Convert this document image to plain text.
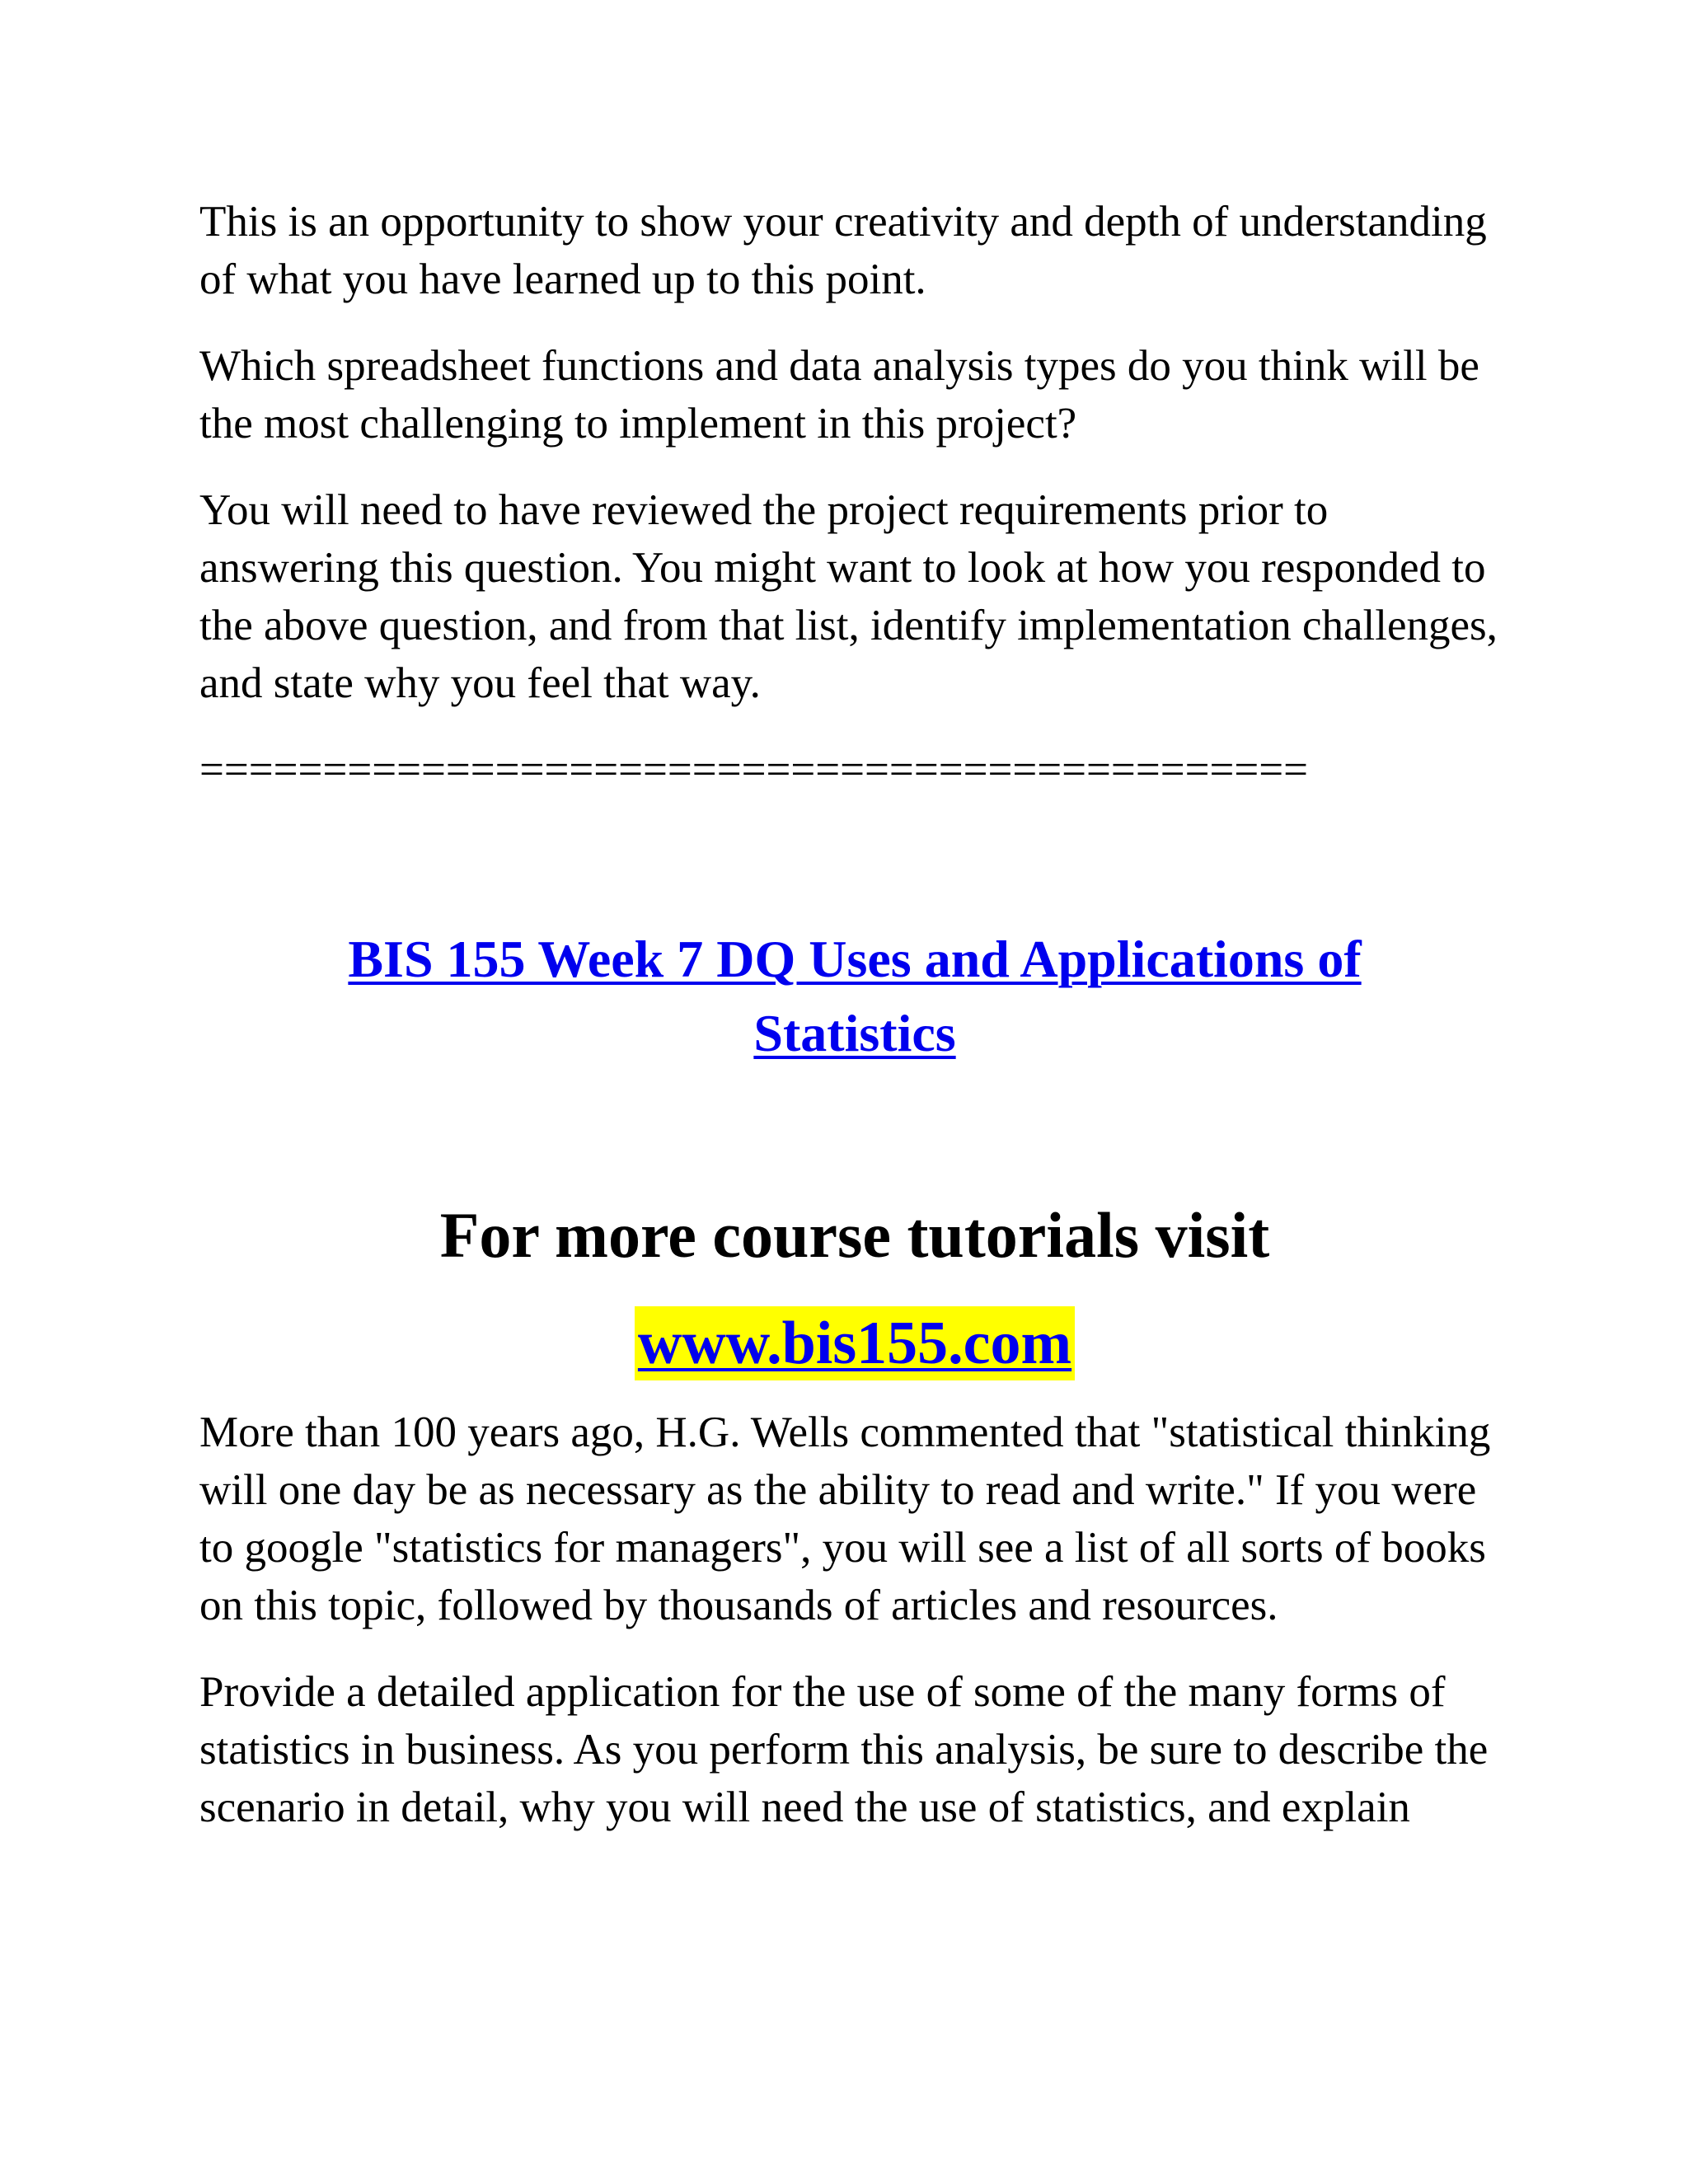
This is an opportunity to show your creativity and depth of understanding of what you have learned up to this point.

Which spreadsheet functions and data analysis types do you think will be the most challenging to implement in this project?

You will need to have reviewed the project requirements prior to answering this question. You might want to look at how you responded to the above question, and from that list, identify implementation challenges, and state why you feel that way.

=============================================
BIS 155 Week 7 DQ Uses and Applications of
Statistics
For more course tutorials visit
www.bis155.com

More than 100 years ago, H.G. Wells commented that "statistical thinking will one day be as necessary as the ability to read and write." If you were to google "statistics for managers", you will see a list of all sorts of books on this topic, followed by thousands of articles and resources.

Provide a detailed application for the use of some of the many forms of statistics in business. As you perform this analysis, be sure to describe the scenario in detail, why you will need the use of statistics, and explain
